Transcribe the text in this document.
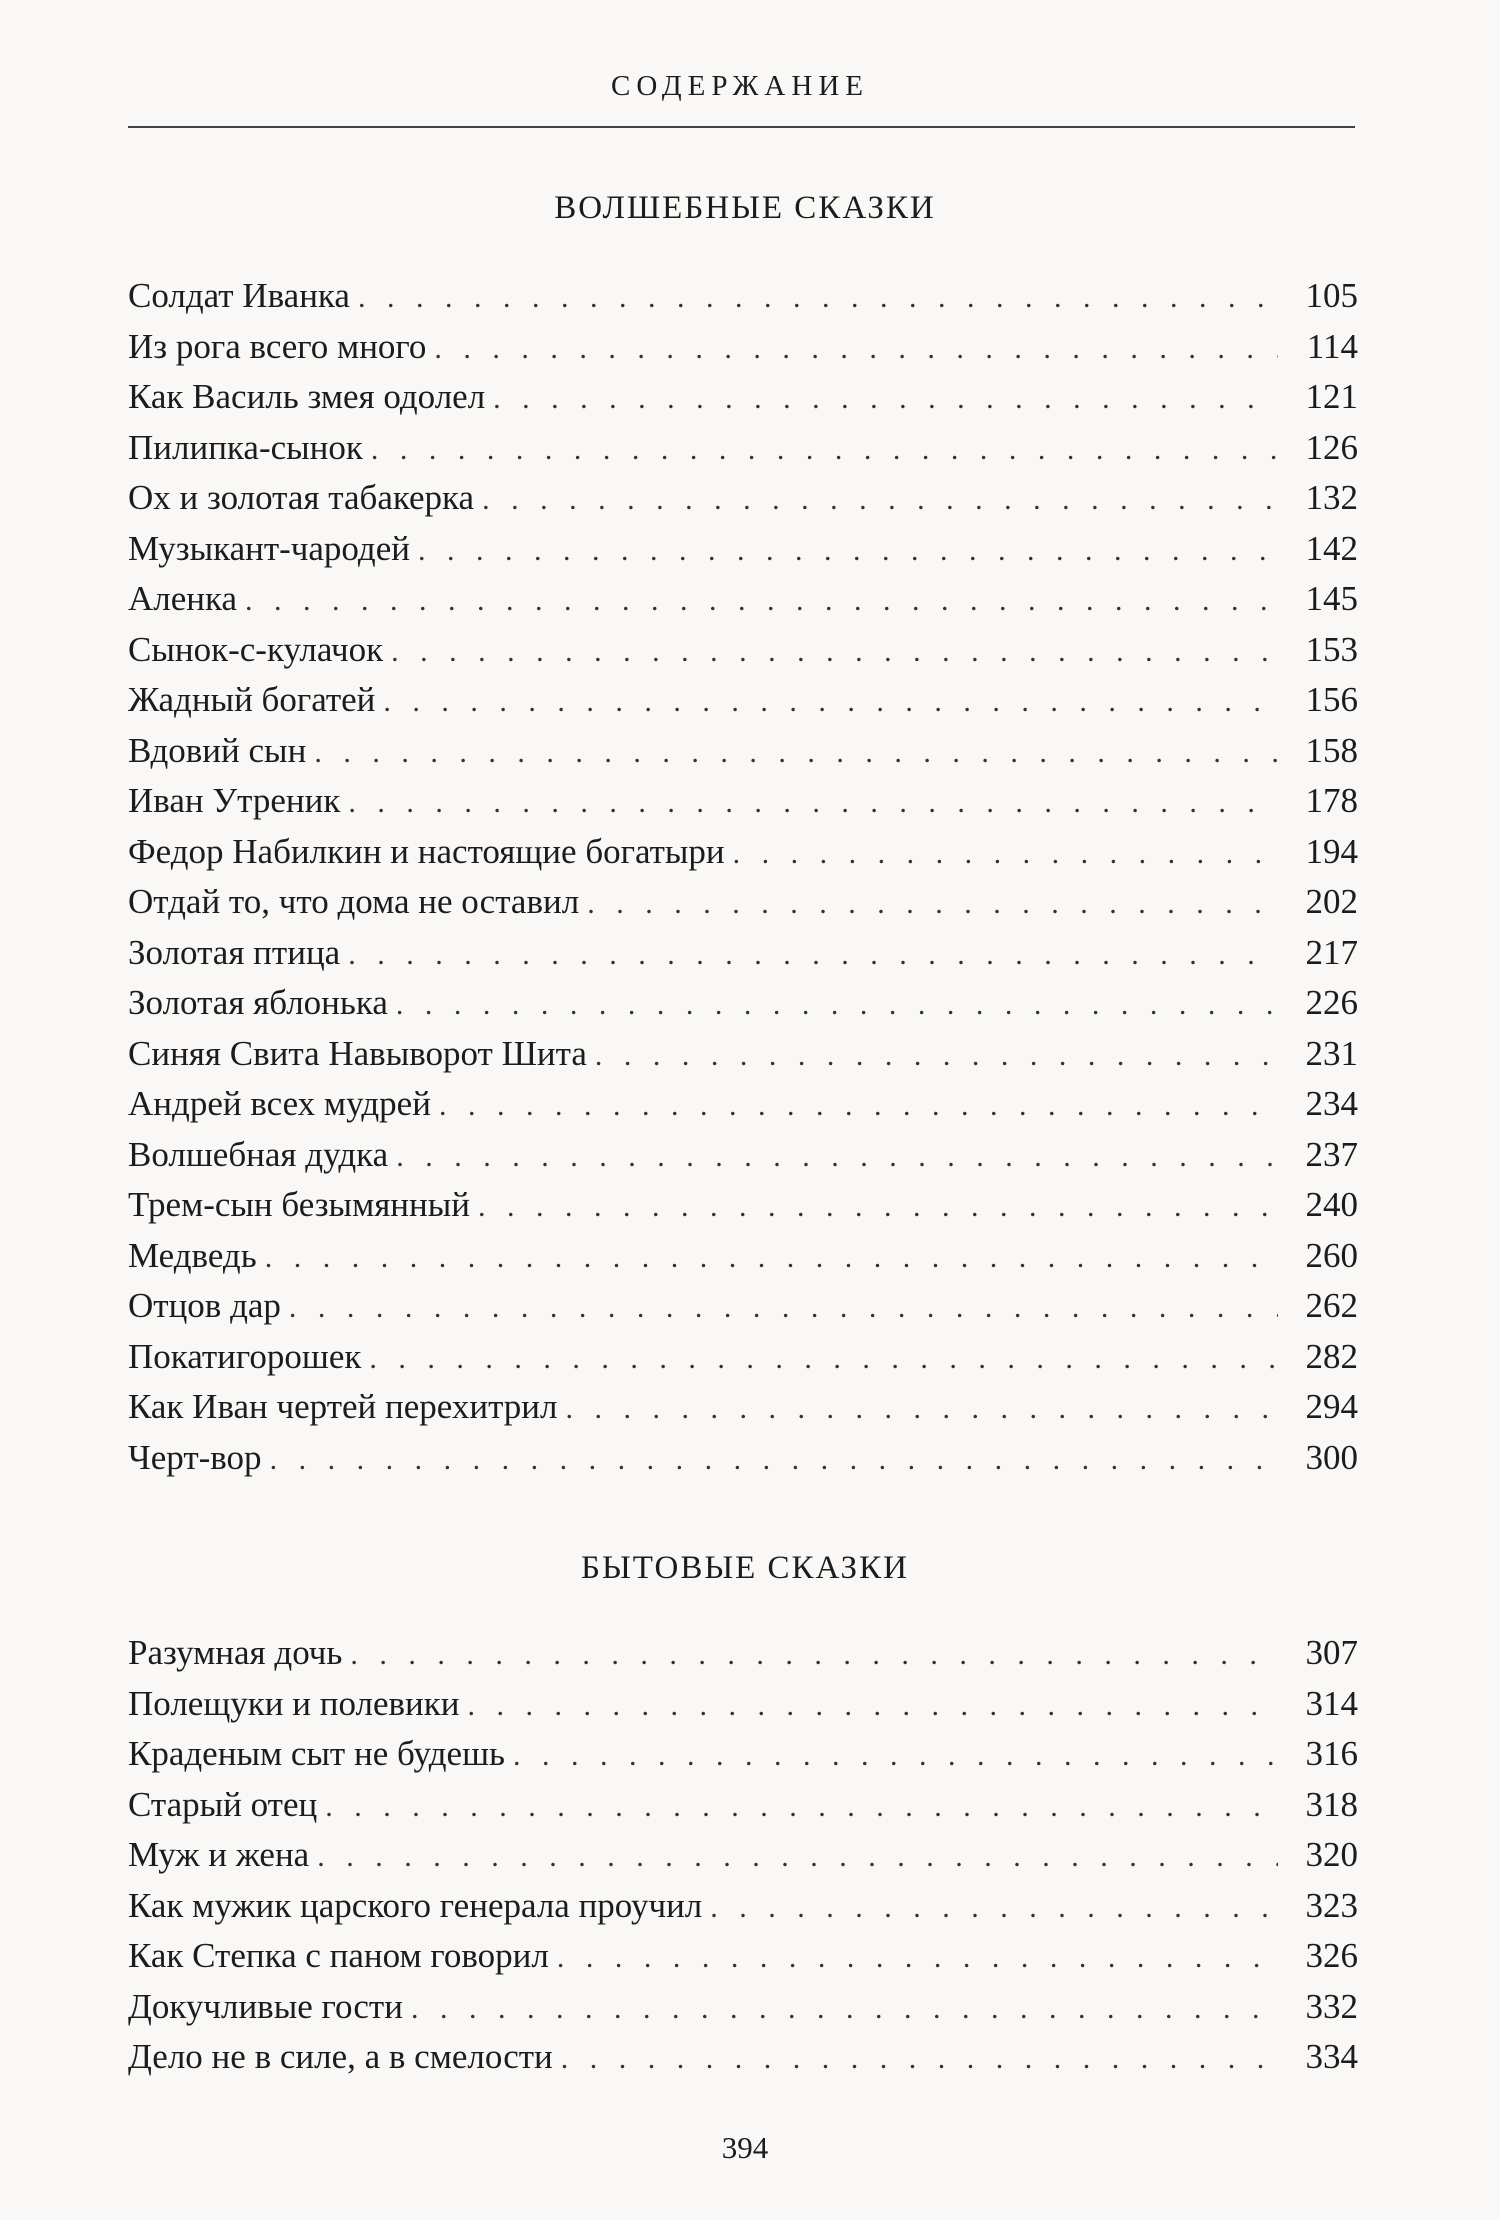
СОДЕРЖАНИЕ
ВОЛШЕБНЫЕ СКАЗКИ
Солдат Иванка . . .	105
Из рога всего много . . .	114
Как Василь змея одолел . . .	121
Пилипка-сынок . . .	126
Ох и золотая табакерка . . .	132
Музыкант-чародей . . .	142
Аленка . . .	145
Сынок-с-кулачок . . .	153
Жадный богатей . . .	156
Вдовий сын . . .	158
Иван Утреник . . .	178
Федор Набилкин и настоящие богатыри . . .	194
Отдай то, что дома не оставил . . .	202
Золотая птица . . .	217
Золотая яблонька . . .	226
Синяя Свита Навыворот Шита . . .	231
Андрей всех мудрей . . .	234
Волшебная дудка . . .	237
Трем-сын безымянный . . .	240
Медведь . . .	260
Отцов дар . . .	262
Покатигорошек . . .	282
Как Иван чертей перехитрил . . .	294
Черт-вор . . .	300
БЫТОВЫЕ СКАЗКИ
Разумная дочь . . .	307
Полещуки и полевики . . .	314
Краденым сыт не будешь . . .	316
Старый отец . . .	318
Муж и жена . . .	320
Как мужик царского генерала проучил . . .	323
Как Степка с паном говорил . . .	326
Докучливые гости . . .	332
Дело не в силе, а в смелости . . .	334
394
